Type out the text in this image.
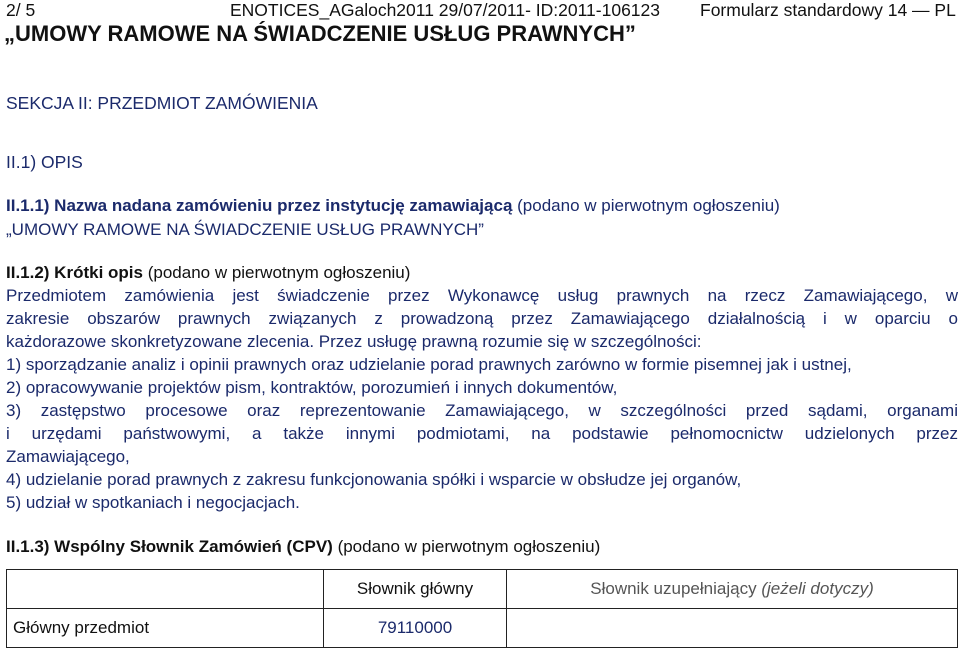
2/ 5	ENOTICES_AGaloch2011 29/07/2011- ID:2011-106123 Formularz standardowy 14 — PL
„UMOWY RAMOWE NA ŚWIADCZENIE USŁUG PRAWNYCH”
SEKCJA II: PRZEDMIOT ZAMÓWIENIA
II.1) OPIS
II.1.1) Nazwa nadana zamówieniu przez instytucję zamawiającą (podano w pierwotnym ogłoszeniu)
„UMOWY RAMOWE NA ŚWIADCZENIE USŁUG PRAWNYCH”
II.1.2) Krótki opis (podano w pierwotnym ogłoszeniu)
Przedmiotem zamówienia jest świadczenie przez Wykonawcę usług prawnych na rzecz Zamawiającego, w
zakresie obszarów prawnych związanych z prowadzoną przez Zamawiającego działalnością i w oparciu o
każdorazowe skonkretyzowane zlecenia. Przez usługę prawną rozumie się w szczególności:
1) sporządzanie analiz i opinii prawnych oraz udzielanie porad prawnych zarówno w formie pisemnej jak i ustnej,
2) opracowywanie projektów pism, kontraktów, porozumień i innych dokumentów,
3) zastępstwo procesowe oraz reprezentowanie Zamawiającego, w szczególności przed sądami, organami
i urzędami państwowymi, a także innymi podmiotami, na podstawie pełnomocnictw udzielonych przez
Zamawiającego,
4) udzielanie porad prawnych z zakresu funkcjonowania spółki i wsparcie w obsłudze jej organów,
5) udział w spotkaniach i negocjacjach.
II.1.3) Wspólny Słownik Zamówień (CPV) (podano w pierwotnym ogłoszeniu)
	Słownik główny	Słownik uzupełniający (jeżeli dotyczy)
Główny przedmiot	79110000	
